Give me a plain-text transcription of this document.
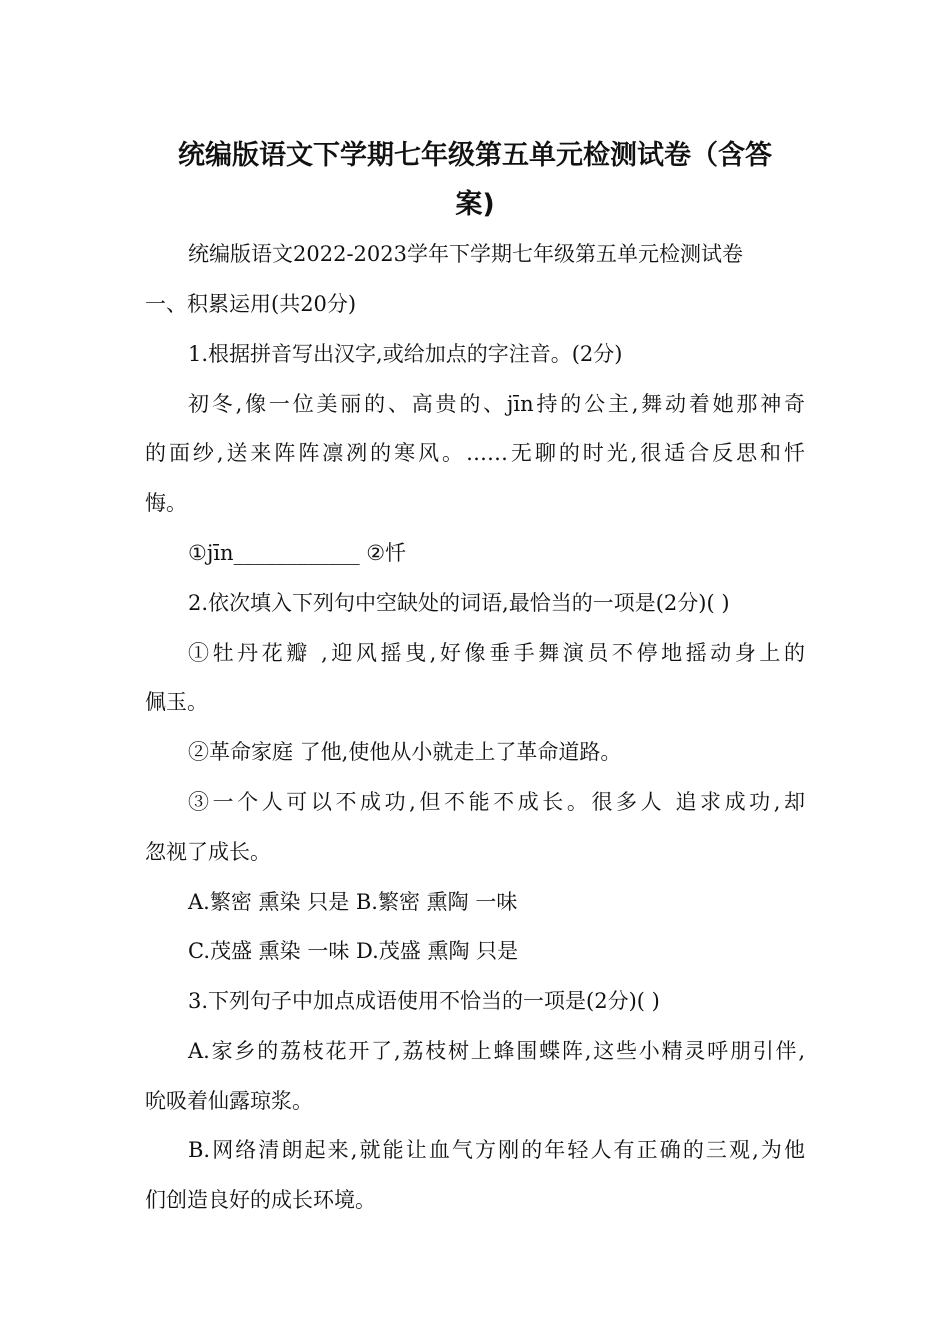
统编版语文下学期七年级第五单元检测试卷（含答
案)
统编版语文2022-2023学年下学期七年级第五单元检测试卷
一、积累运用(共20分)
1.根据拼音写出汉字,或给加点的字注音。(2分)
初冬,像一位美丽的、高贵的、jīn持的公主,舞动着她那神奇
的面纱,送来阵阵凛冽的寒风。……无聊的时光,很适合反思和忏
悔。
①jīn____________ ②忏
2.依次填入下列句中空缺处的词语,最恰当的一项是(2分)( )
①牡丹花瓣 ,迎风摇曳,好像垂手舞演员不停地摇动身上的
佩玉。
②革命家庭 了他,使他从小就走上了革命道路。
③一个人可以不成功,但不能不成长。很多人 追求成功,却
忽视了成长。
A.繁密 熏染 只是 B.繁密 熏陶 一味
C.茂盛 熏染 一味 D.茂盛 熏陶 只是
3.下列句子中加点成语使用不恰当的一项是(2分)( )
A.家乡的荔枝花开了,荔枝树上蜂围蝶阵,这些小精灵呼朋引伴,
吮吸着仙露琼浆。
B.网络清朗起来,就能让血气方刚的年轻人有正确的三观,为他
们创造良好的成长环境。
